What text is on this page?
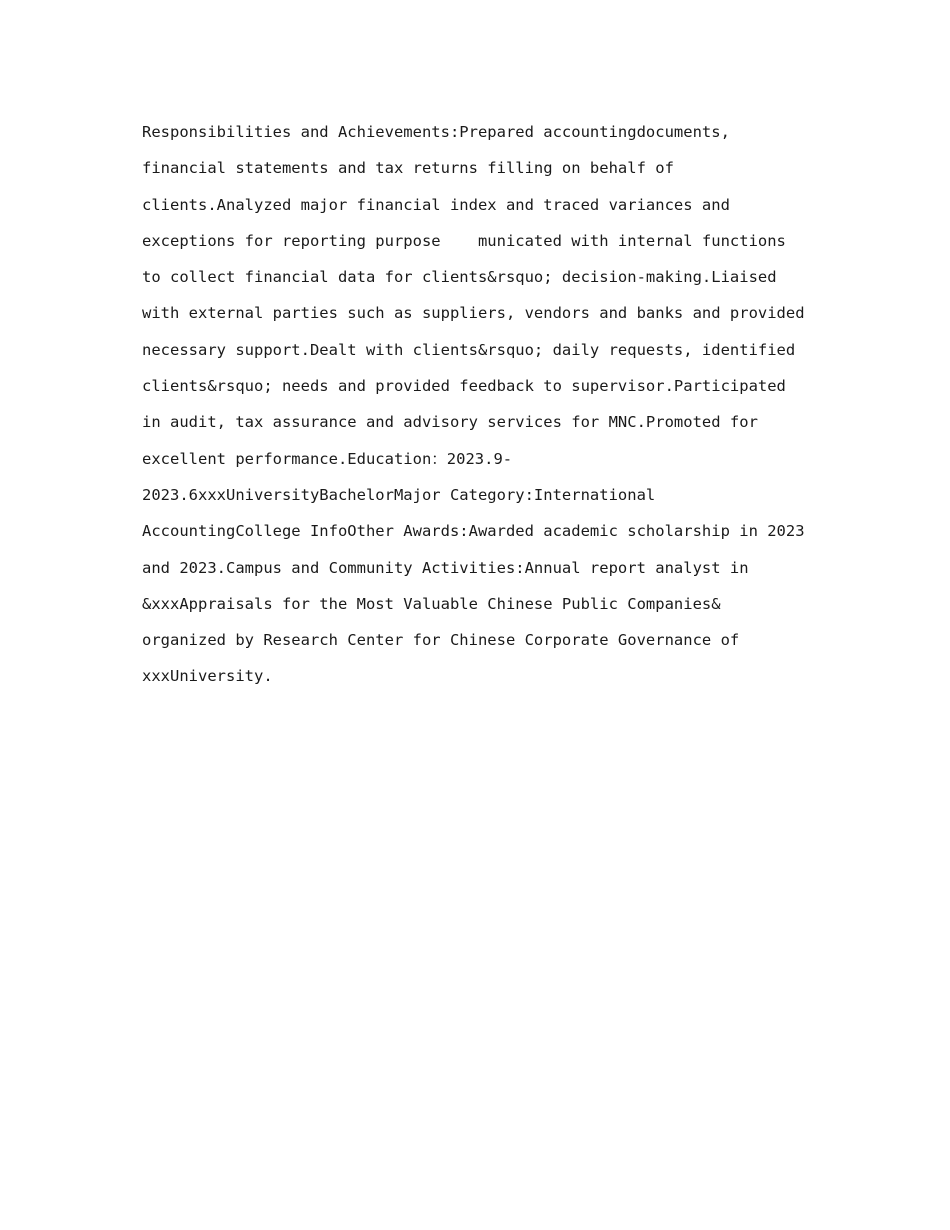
Responsibilities and Achievements:Prepared accountingdocuments,
financial statements and tax returns filling on behalf of
clients.Analyzed major financial index and traced variances and
exceptions for reporting purpose    municated with internal functions
to collect financial data for clients&rsquo; decision-making.Liaised
with external parties such as suppliers, vendors and banks and provided
necessary support.Dealt with clients&rsquo; daily requests, identified
clients&rsquo; needs and provided feedback to supervisor.Participated
in audit, tax assurance and advisory services for MNC.Promoted for
excellent performance.Education：2023.9-
2023.6xxxUniversityBachelorMajor Category:International
AccountingCollege InfoOther Awards:Awarded academic scholarship in 2023
and 2023.Campus and Community Activities:Annual report analyst in
&xxxAppraisals for the Most Valuable Chinese Public Companies&
organized by Research Center for Chinese Corporate Governance of
xxxUniversity.
